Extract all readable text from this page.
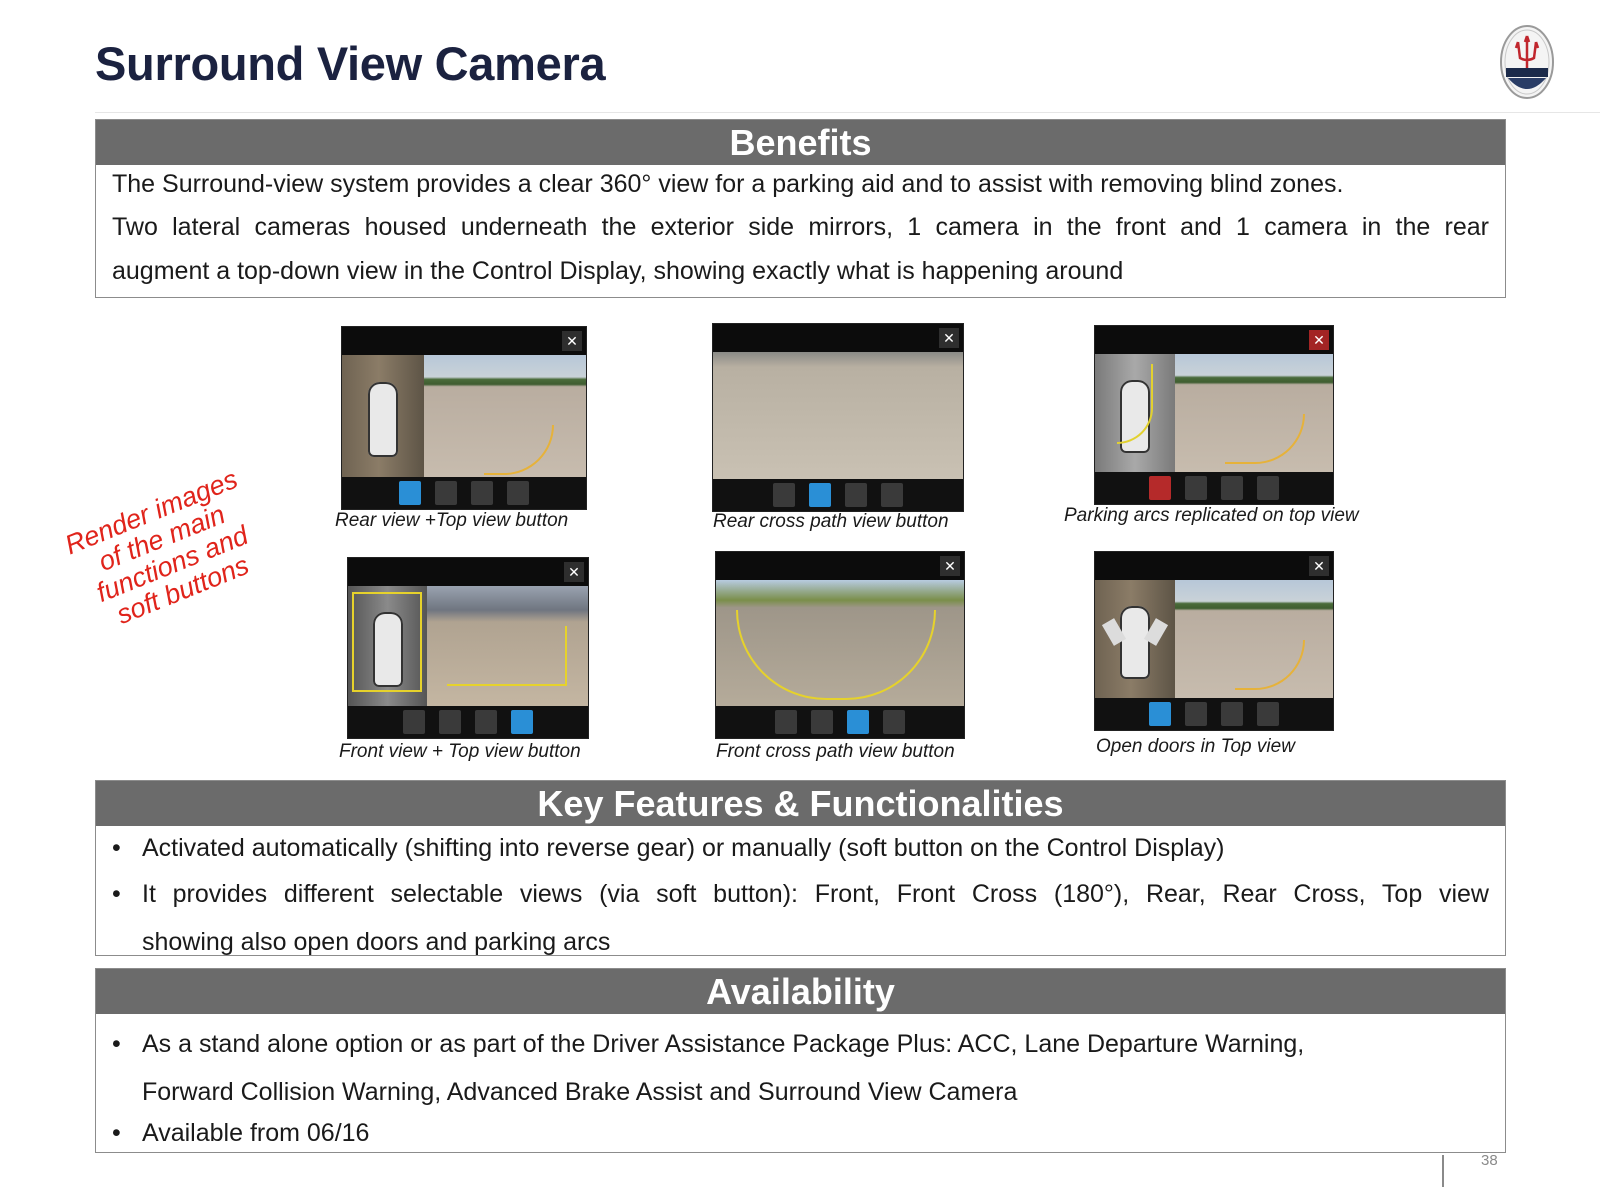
Surround View Camera
Benefits
The Surround-view system provides a clear 360° view for a parking aid and to assist with removing blind zones.
Two lateral cameras housed underneath the exterior side mirrors, 1 camera in the front and 1 camera in the rear
augment a top-down view in the Control Display, showing exactly what is happening around
Render images of the main functions and soft buttons
✕
Rear view +Top view button
✕
Rear cross path view button
✕
Parking arcs replicated on top view
✕
Front view + Top view button
✕
Front cross path view button
✕
Open doors in Top view
Key Features & Functionalities
• Activated automatically (shifting into reverse gear) or manually (soft button on the Control Display)
• It provides different selectable views (via soft button): Front, Front Cross (180°), Rear, Rear Cross, Top view
showing also open doors and parking arcs
Availability
• As a stand alone option or as part of the Driver Assistance Package Plus: ACC, Lane Departure Warning,
Forward Collision Warning, Advanced Brake Assist and Surround View Camera
• Available from 06/16
38
